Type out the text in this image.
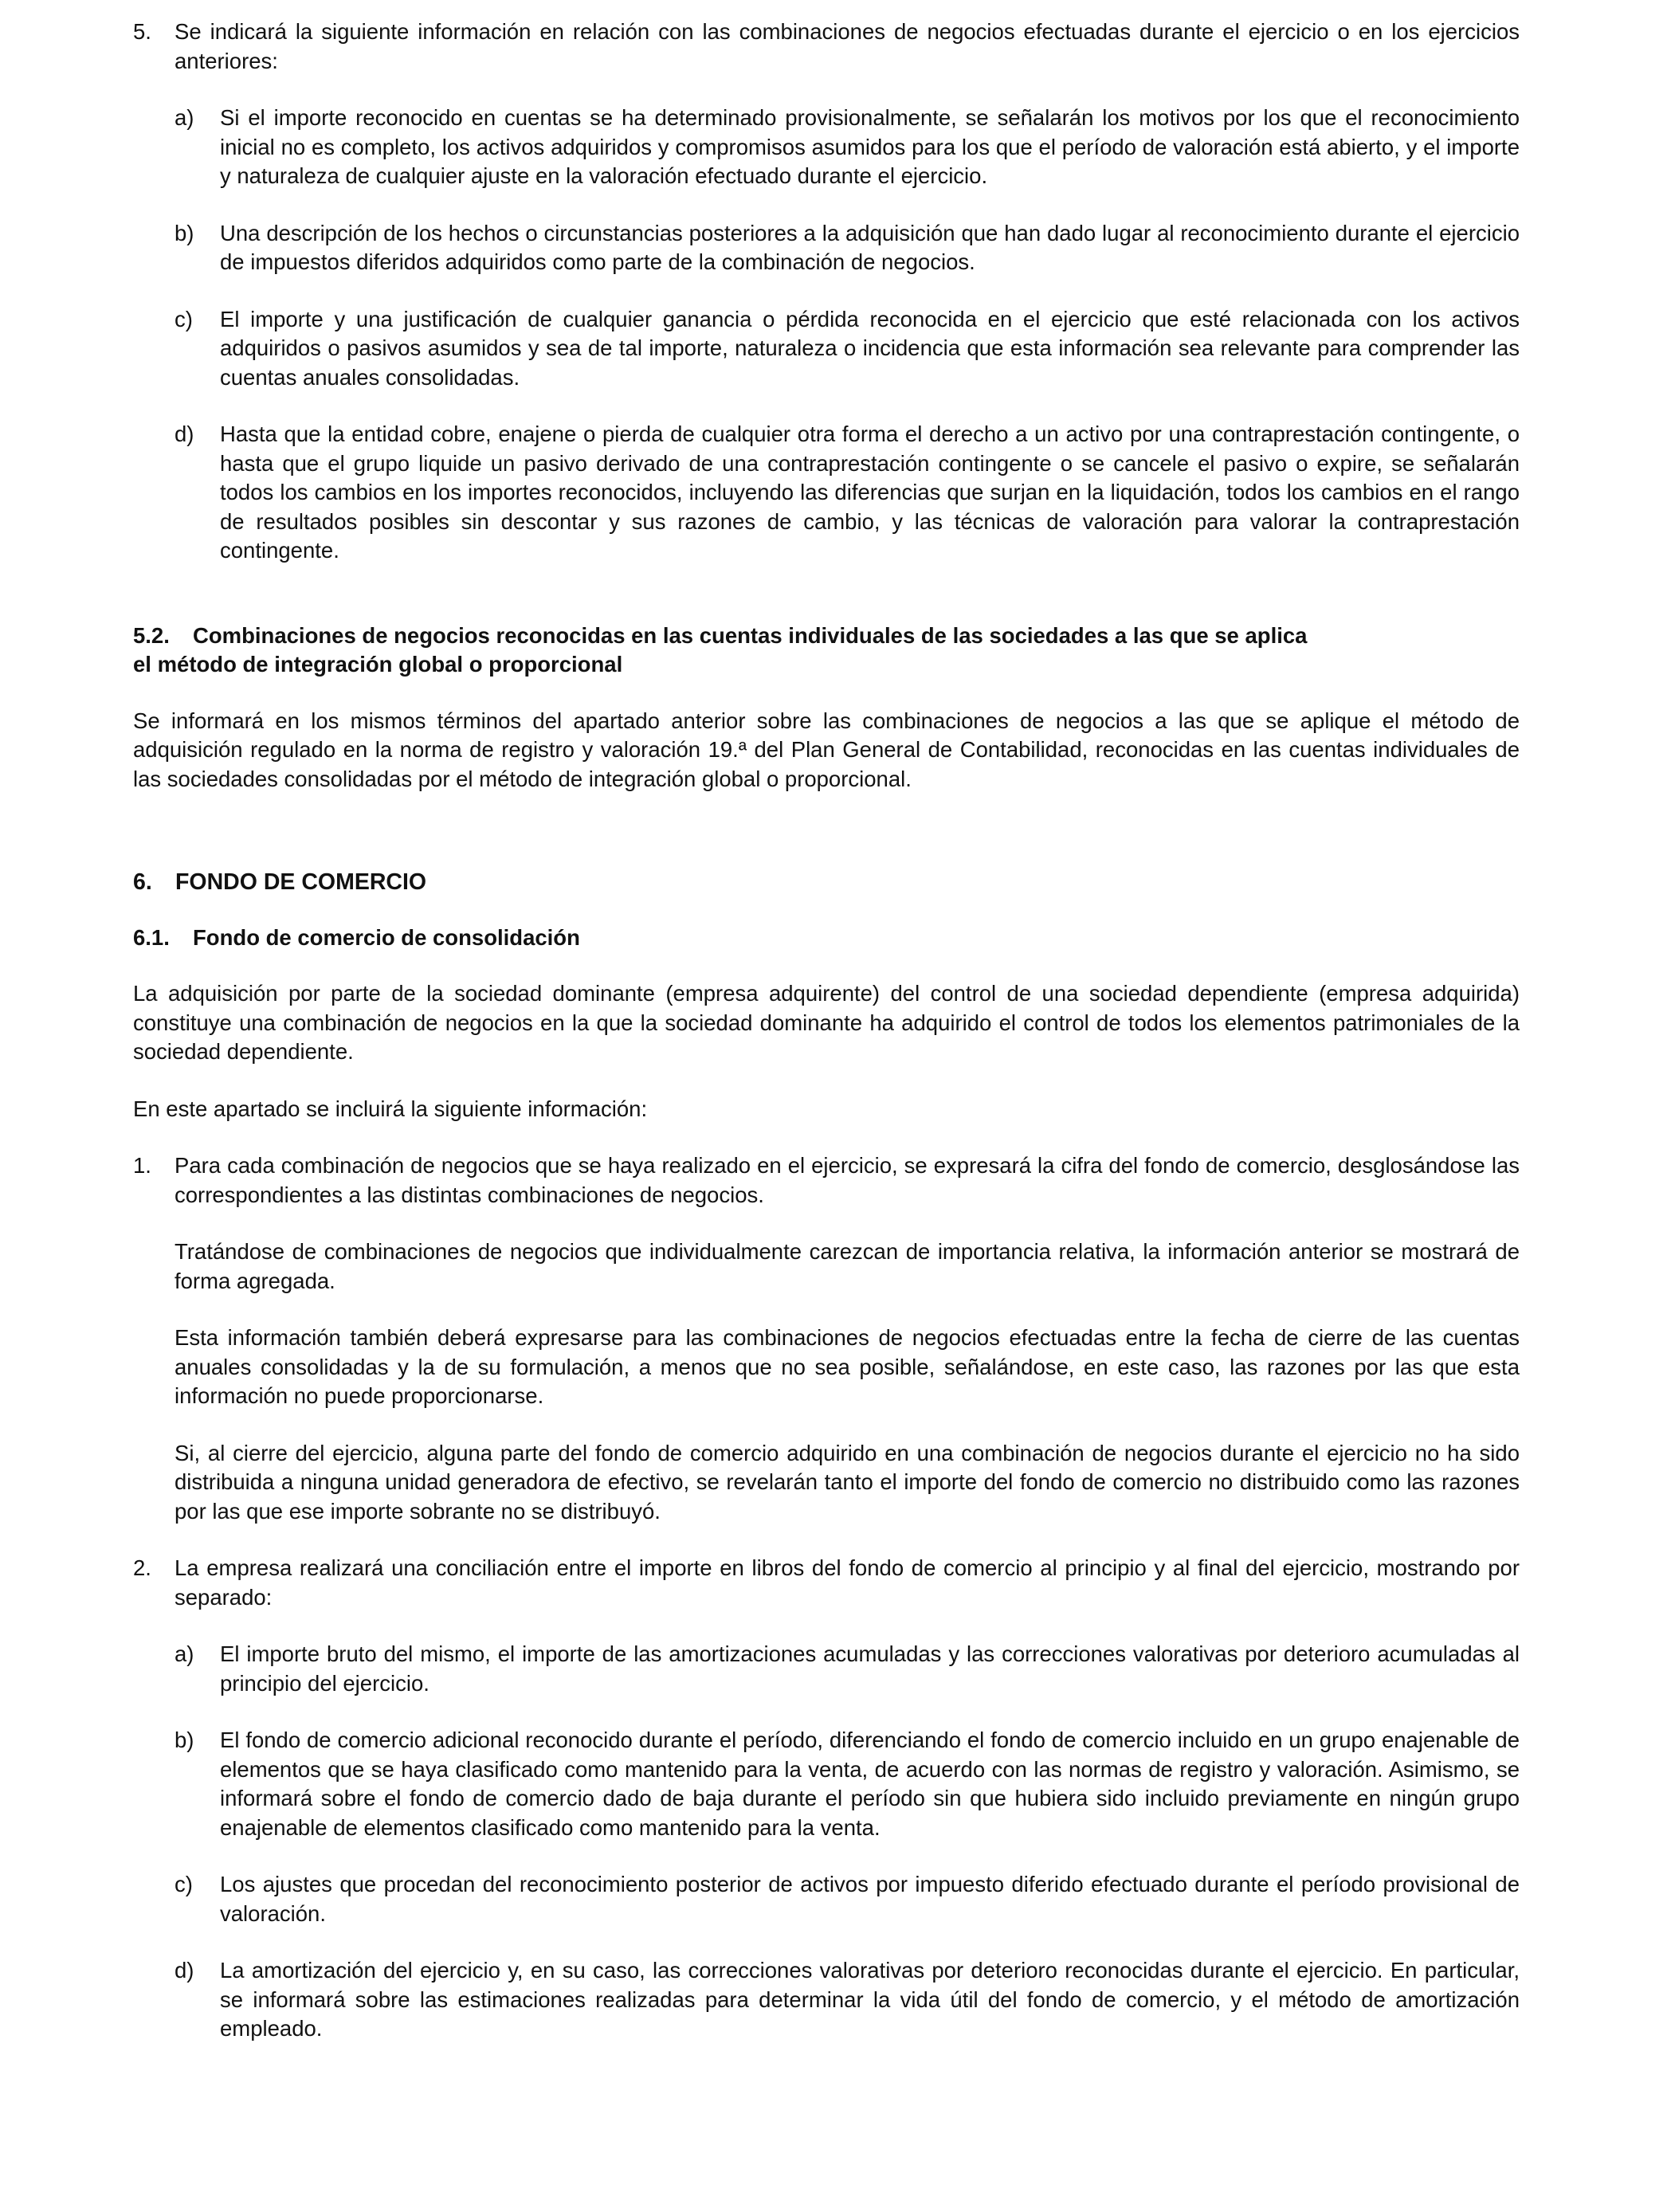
5.	Se indicará la siguiente información en relación con las combinaciones de negocios efectuadas durante el ejercicio o en los ejercicios anteriores:

a)	Si el importe reconocido en cuentas se ha determinado provisionalmente, se señalarán los motivos por los que el reconocimiento inicial no es completo, los activos adquiridos y compromisos asumidos para los que el período de valoración está abierto, y el importe y naturaleza de cualquier ajuste en la valoración efectuado durante el ejercicio.

b)	Una descripción de los hechos o circunstancias posteriores a la adquisición que han dado lugar al reconocimiento durante el ejercicio de impuestos diferidos adquiridos como parte de la combinación de negocios.

c)	El importe y una justificación de cualquier ganancia o pérdida reconocida en el ejercicio que esté relacionada con los activos adquiridos o pasivos asumidos y sea de tal importe, naturaleza o incidencia que esta información sea relevante para comprender las cuentas anuales consolidadas.

d)	Hasta que la entidad cobre, enajene o pierda de cualquier otra forma el derecho a un activo por una contraprestación contingente, o hasta que el grupo liquide un pasivo derivado de una contraprestación contingente o se cancele el pasivo o expire, se señalarán todos los cambios en los importes reconocidos, incluyendo las diferencias que surjan en la liquidación, todos los cambios en el rango de resultados posibles sin descontar y sus razones de cambio, y las técnicas de valoración para valorar la contraprestación contingente.

5.2. Combinaciones de negocios reconocidas en las cuentas individuales de las sociedades a las que se aplica

el método de integración global o proporcional

Se informará en los mismos términos del apartado anterior sobre las combinaciones de negocios a las que se aplique el método de adquisición regulado en la norma de registro y valoración 19.ª del Plan General de Contabilidad, reconocidas en las cuentas individuales de las sociedades consolidadas por el método de integración global o proporcional.

6. FONDO DE COMERCIO

6.1. Fondo de comercio de consolidación

La adquisición por parte de la sociedad dominante (empresa adquirente) del control de una sociedad dependiente (empresa adquirida) constituye una combinación de negocios en la que la sociedad dominante ha adquirido el control de todos los elementos patrimoniales de la sociedad dependiente.

En este apartado se incluirá la siguiente información:

1.	Para cada combinación de negocios que se haya realizado en el ejercicio, se expresará la cifra del fondo de comercio, desglosándose las correspondientes a las distintas combinaciones de negocios.

Tratándose de combinaciones de negocios que individualmente carezcan de importancia relativa, la información anterior se mostrará de forma agregada.

Esta información también deberá expresarse para las combinaciones de negocios efectuadas entre la fecha de cierre de las cuentas anuales consolidadas y la de su formulación, a menos que no sea posible, señalándose, en este caso, las razones por las que esta información no puede proporcionarse.

Si, al cierre del ejercicio, alguna parte del fondo de comercio adquirido en una combinación de negocios durante el ejercicio no ha sido distribuida a ninguna unidad generadora de efectivo, se revelarán tanto el importe del fondo de comercio no distribuido como las razones por las que ese importe sobrante no se distribuyó.

2.	La empresa realizará una conciliación entre el importe en libros del fondo de comercio al principio y al final del ejercicio, mostrando por separado:

a)	El importe bruto del mismo, el importe de las amortizaciones acumuladas y las correcciones valorativas por deterioro acumuladas al principio del ejercicio.

b)	El fondo de comercio adicional reconocido durante el período, diferenciando el fondo de comercio incluido en un grupo enajenable de elementos que se haya clasificado como mantenido para la venta, de acuerdo con las normas de registro y valoración. Asimismo, se informará sobre el fondo de comercio dado de baja durante el período sin que hubiera sido incluido previamente en ningún grupo enajenable de elementos clasificado como mantenido para la venta.

c)	Los ajustes que procedan del reconocimiento posterior de activos por impuesto diferido efectuado durante el período provisional de valoración.

d)	La amortización del ejercicio y, en su caso, las correcciones valorativas por deterioro reconocidas durante el ejercicio. En particular, se informará sobre las estimaciones realizadas para determinar la vida útil del fondo de comercio, y el método de amortización empleado.
